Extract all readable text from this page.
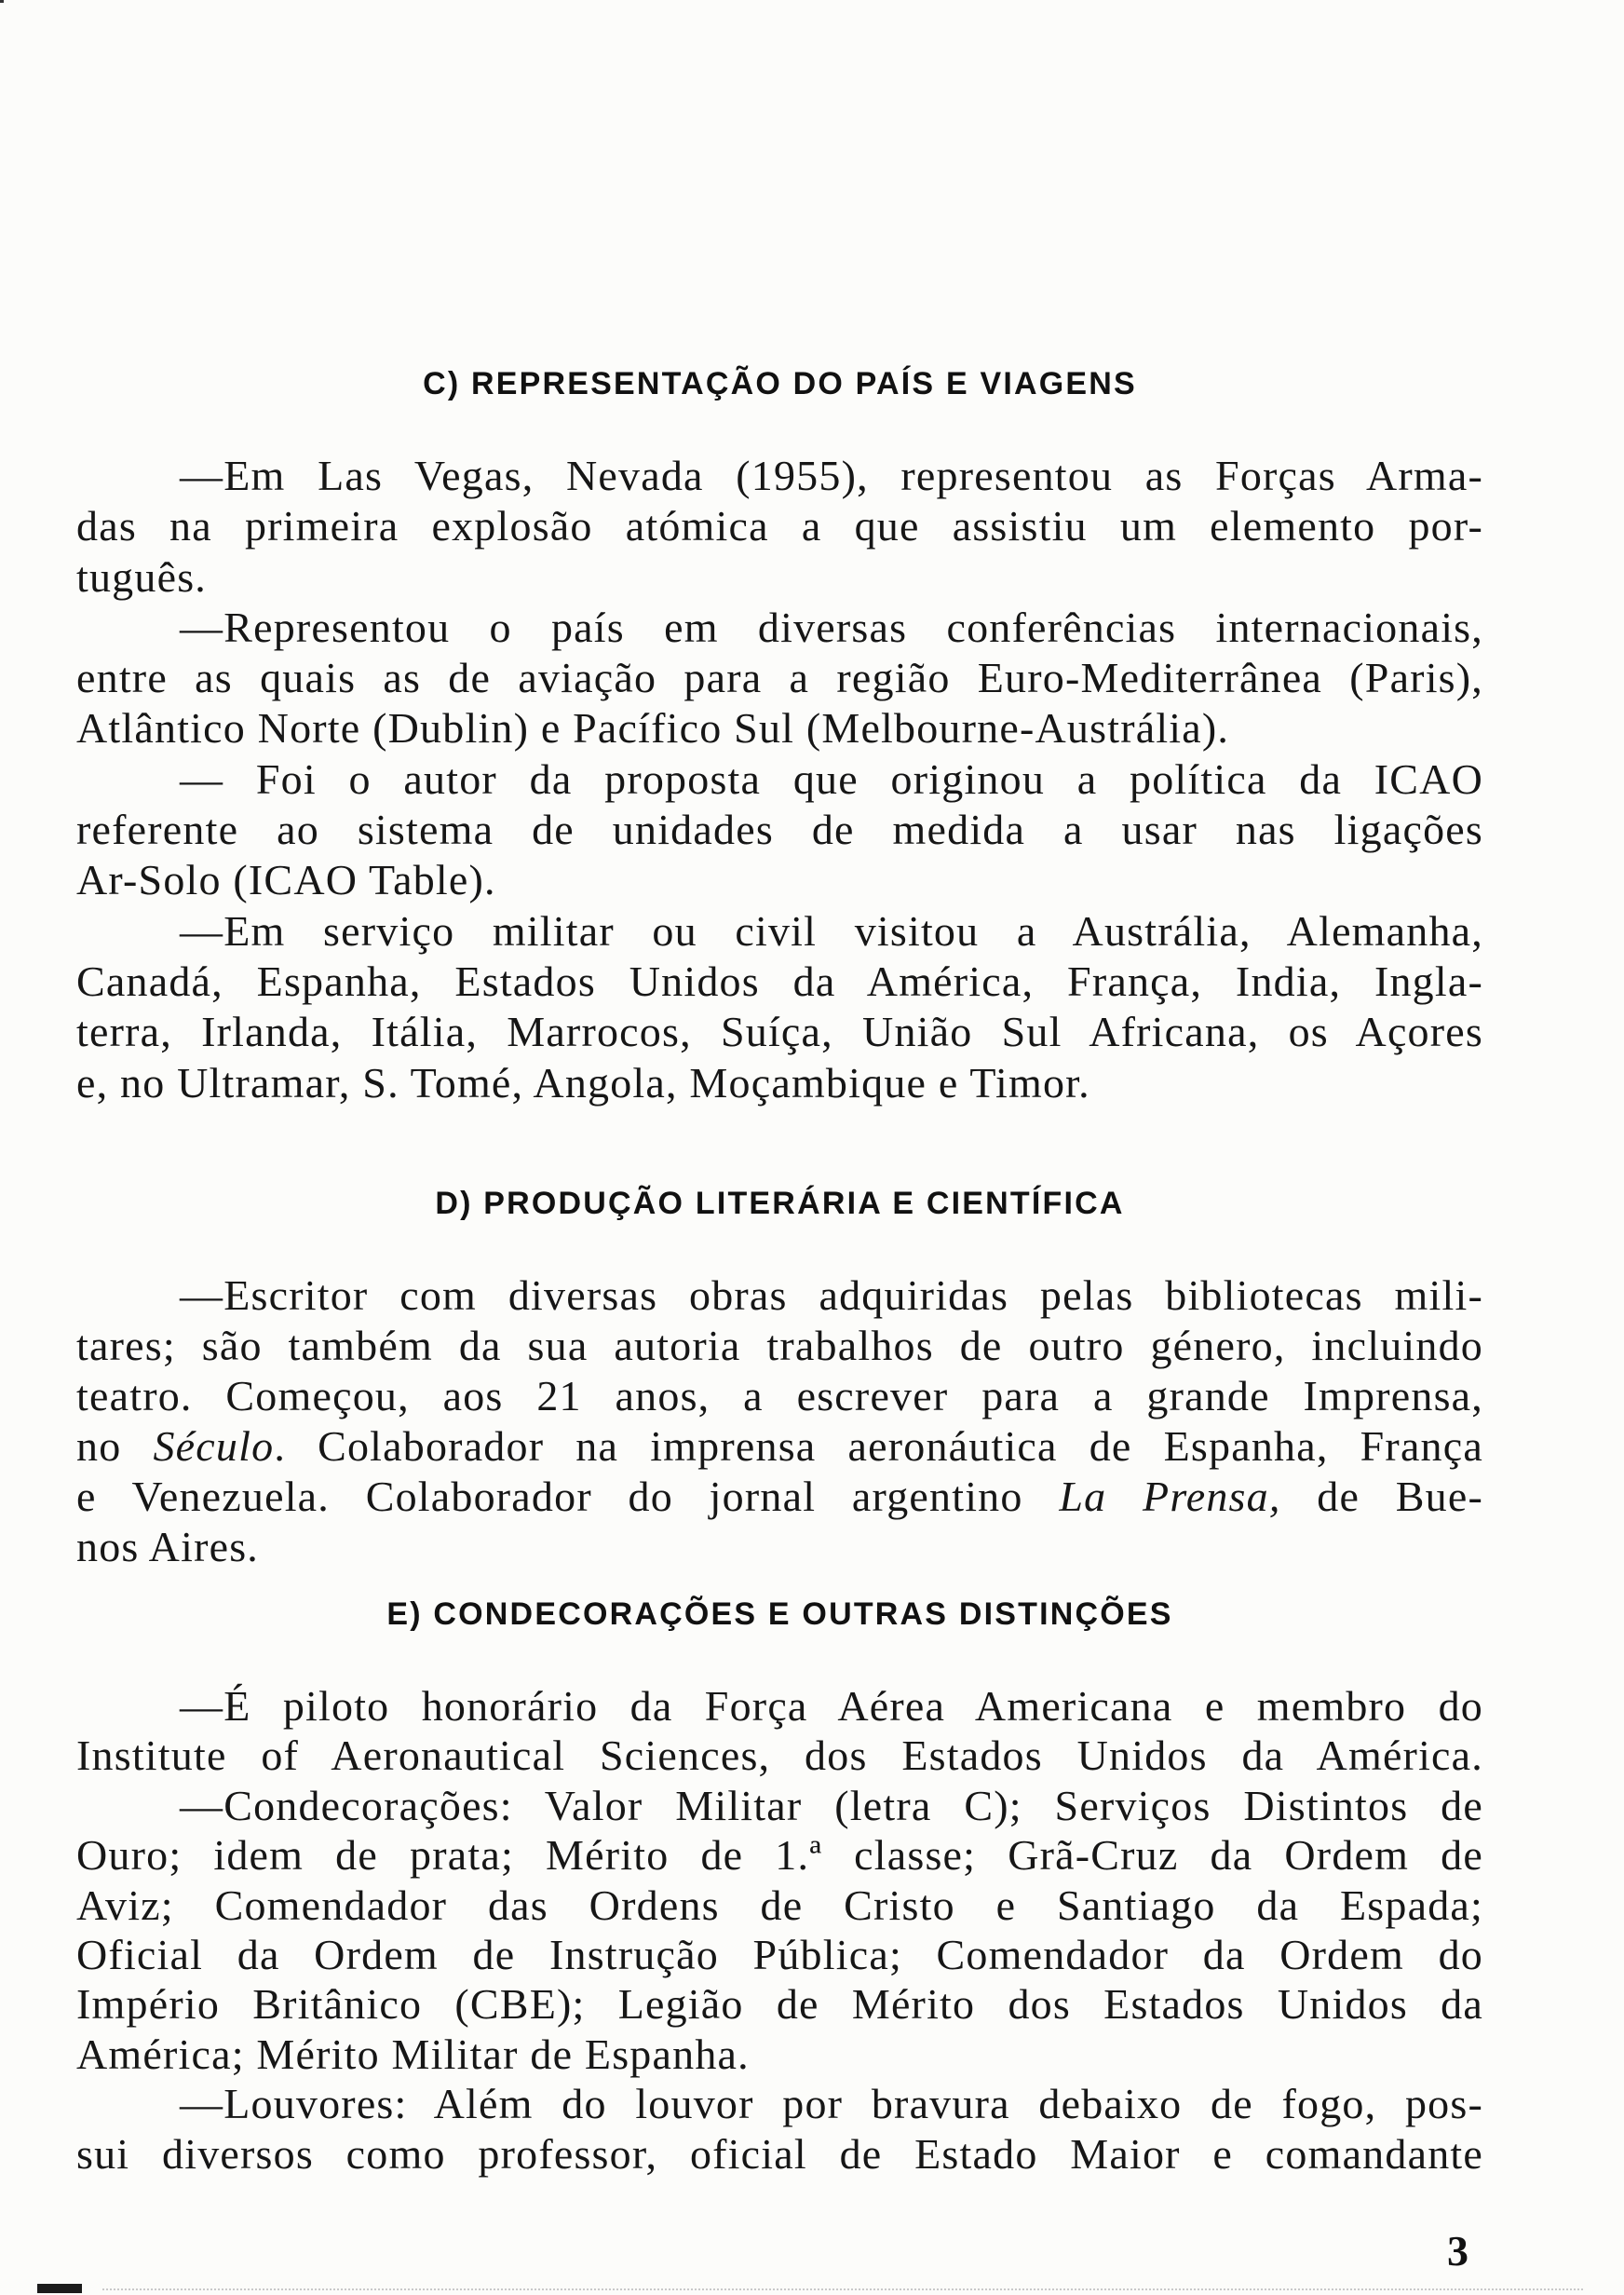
C) REPRESENTAÇÃO DO PAÍS E VIAGENS
—Em Las Vegas, Nevada (1955), representou as Forças Arma-
das na primeira explosão atómica a que assistiu um elemento por-
tuguês.
—Representou o país em diversas conferências internacionais,
entre as quais as de aviação para a região Euro-Mediterrânea (Paris),
Atlântico Norte (Dublin) e Pacífico Sul (Melbourne-Austrália).
— Foi o autor da proposta que originou a política da ICAO
referente ao sistema de unidades de medida a usar nas ligações
Ar-Solo (ICAO Table).
—Em serviço militar ou civil visitou a Austrália, Alemanha,
Canadá, Espanha, Estados Unidos da América, França, India, Ingla-
terra, Irlanda, Itália, Marrocos, Suíça, União Sul Africana, os Açores
e, no Ultramar, S. Tomé, Angola, Moçambique e Timor.
D) PRODUÇÃO LITERÁRIA E CIENTÍFICA
—Escritor com diversas obras adquiridas pelas bibliotecas mili-
tares; são também da sua autoria trabalhos de outro género, incluindo
teatro. Começou, aos 21 anos, a escrever para a grande Imprensa,
no Século. Colaborador na imprensa aeronáutica de Espanha, França
e Venezuela. Colaborador do jornal argentino La Prensa, de Bue-
nos Aires.
E) CONDECORAÇÕES E OUTRAS DISTINÇÕES
—É piloto honorário da Força Aérea Americana e membro do
Institute of Aeronautical Sciences, dos Estados Unidos da América.
—Condecorações: Valor Militar (letra C); Serviços Distintos de
Ouro; idem de prata; Mérito de 1.ª classe; Grã-Cruz da Ordem de
Aviz; Comendador das Ordens de Cristo e Santiago da Espada;
Oficial da Ordem de Instrução Pública; Comendador da Ordem do
Império Britânico (CBE); Legião de Mérito dos Estados Unidos da
América; Mérito Militar de Espanha.
—Louvores: Além do louvor por bravura debaixo de fogo, pos-
sui diversos como professor, oficial de Estado Maior e comandante
3
